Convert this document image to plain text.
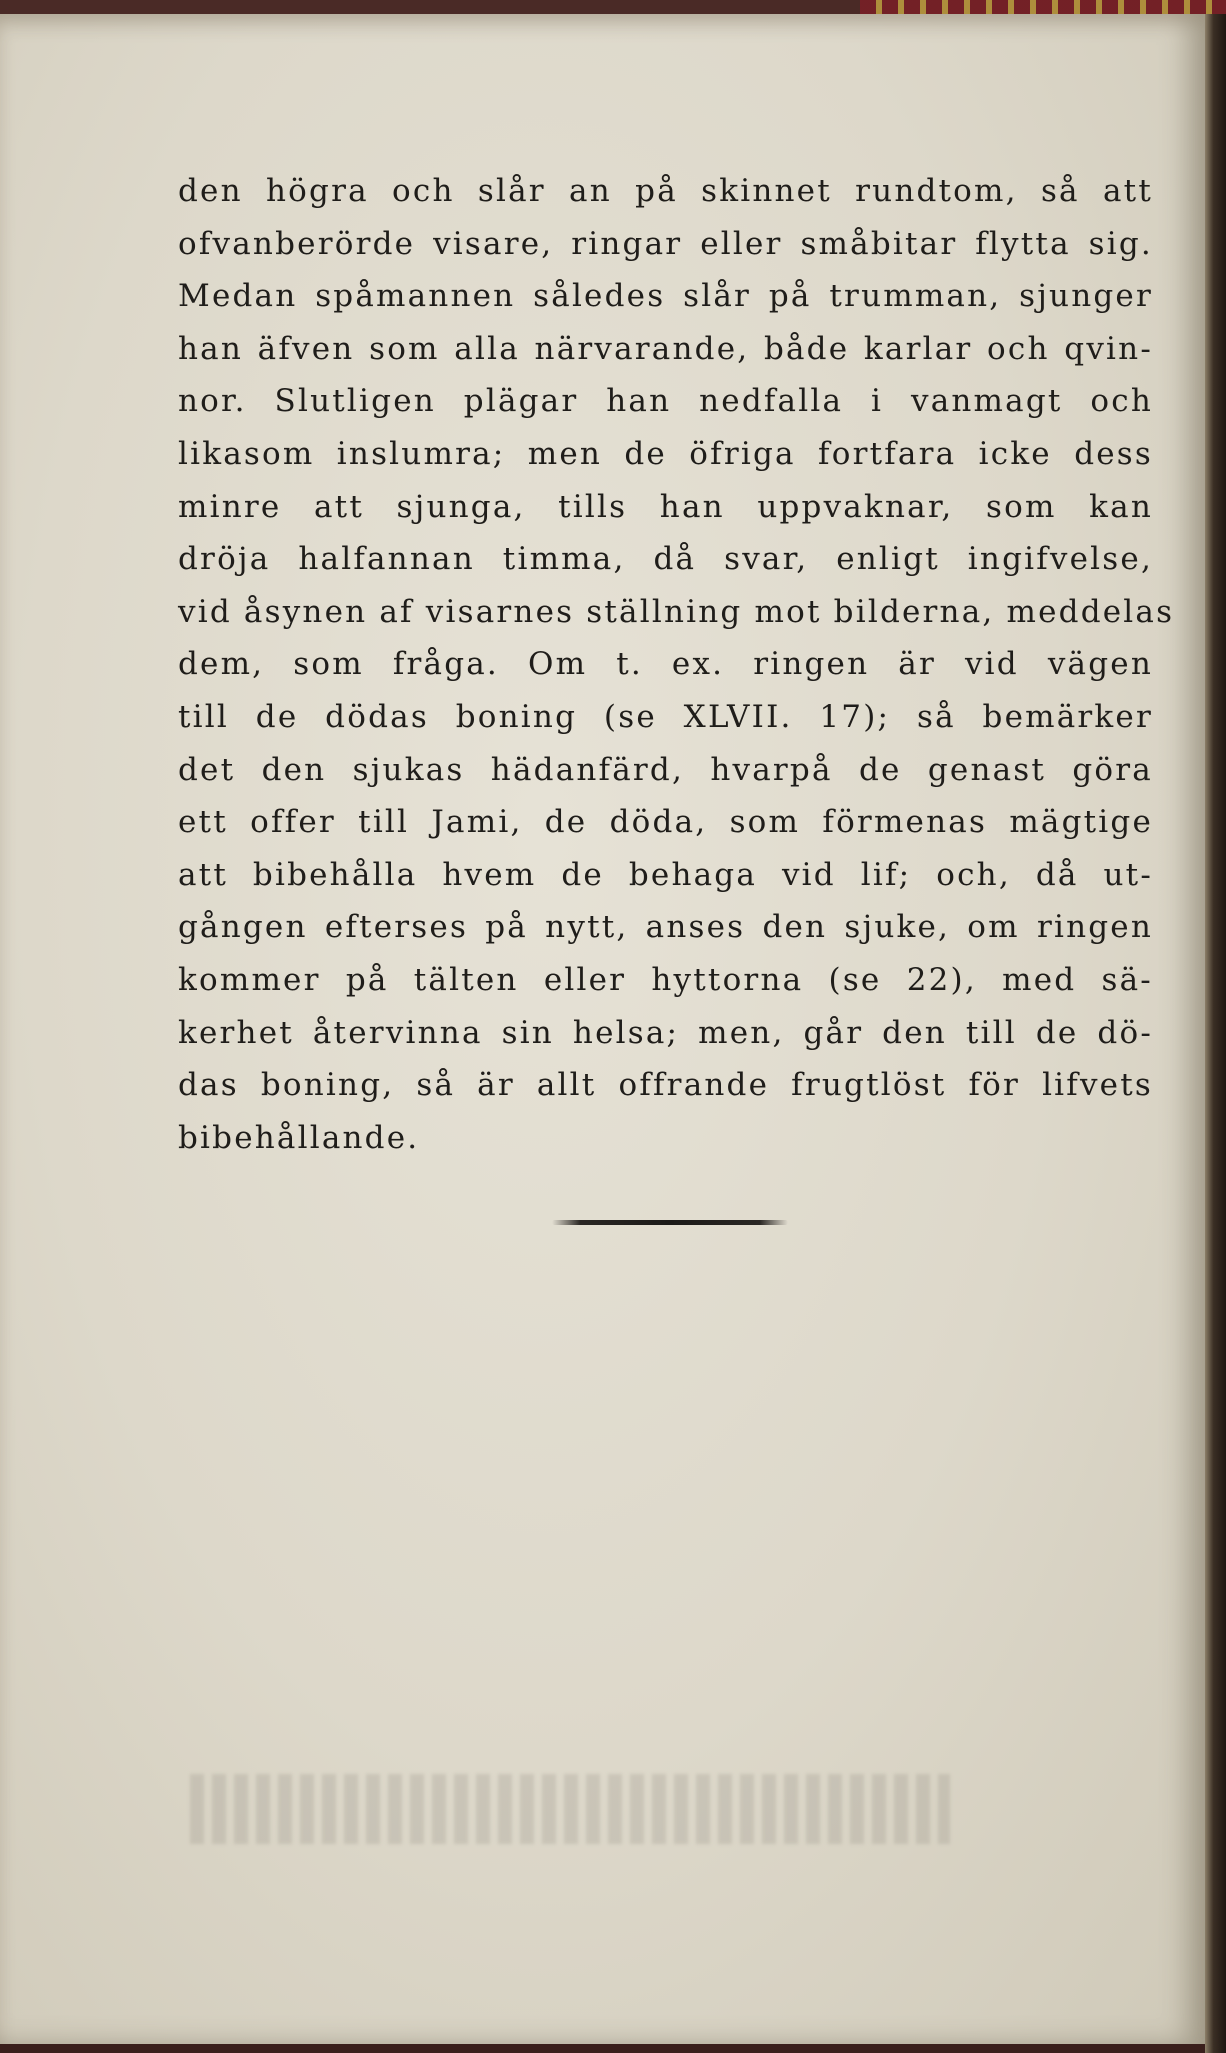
den högra och slår an på skinnet rundtom, så att
ofvanberörde visare, ringar eller småbitar flytta sig.
Medan spåmannen således slår på trumman, sjunger
han äfven som alla närvarande, både karlar och qvin-
nor. Slutligen plägar han nedfalla i vanmagt och
likasom inslumra; men de öfriga fortfara icke dess
minre att sjunga, tills han uppvaknar, som kan
dröja halfannan timma, då svar, enligt ingifvelse,
vid åsynen af visarnes ställning mot bilderna, meddelas
dem, som fråga. Om t. ex. ringen är vid vägen
till de dödas boning (se XLVII. 17); så bemärker
det den sjukas hädanfärd, hvarpå de genast göra
ett offer till Jami, de döda, som förmenas mägtige
att bibehålla hvem de behaga vid lif; och, då ut-
gången efterses på nytt, anses den sjuke, om ringen
kommer på tälten eller hyttorna (se 22), med sä-
kerhet återvinna sin helsa; men, går den till de dö-
das boning, så är allt offrande frugtlöst för lifvets
bibehållande.
